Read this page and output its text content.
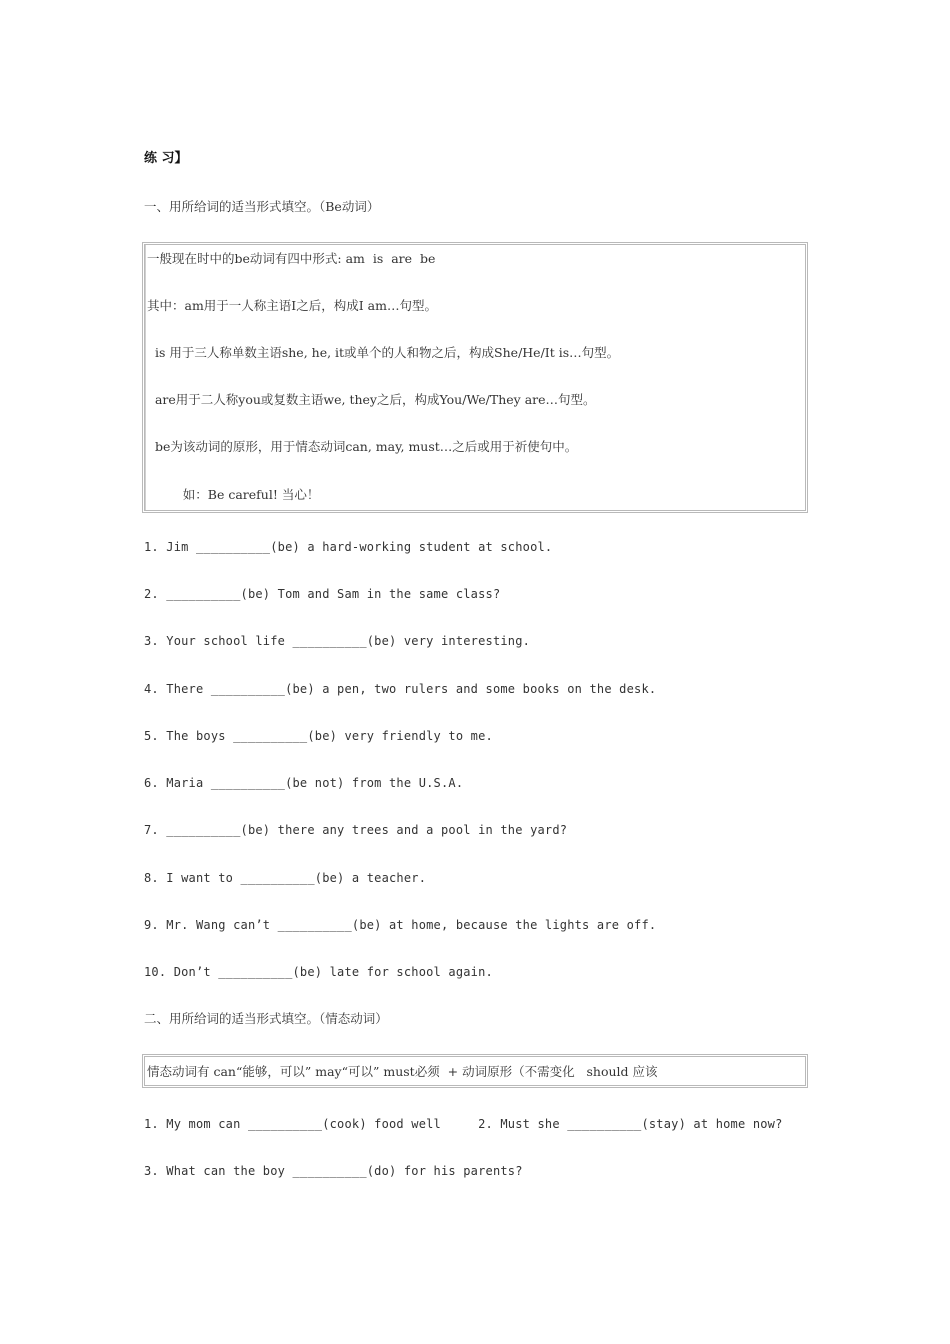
练 习】
一、用所给词的适当形式填空。（Be动词）
一般现在时中的be动词有四中形式: am  is  are  be
其中：am用于一人称主语I之后，构成I am…句型。
is 用于三人称单数主语she, he, it或单个的人和物之后，构成She/He/It is…句型。
are用于二人称you或复数主语we, they之后，构成You/We/They are…句型。
be为该动词的原形，用于情态动词can, may, must…之后或用于祈使句中。
如：Be careful! 当心！
1. Jim __________(be) a hard-working student at school.
2. __________(be) Tom and Sam in the same class?
3. Your school life __________(be) very interesting.
4. There __________(be) a pen, two rulers and some books on the desk.
5. The boys __________(be) very friendly to me.
6. Maria __________(be not) from the U.S.A.
7. __________(be) there any trees and a pool in the yard?
8. I want to __________(be) a teacher.
9. Mr. Wang can’t __________(be) at home, because the lights are off.
10. Don’t __________(be) late for school again.
二、用所给词的适当形式填空。（情态动词）
情态动词有 can“能够，可以” may“可以” must必须  + 动词原形（不需变化   should 应该
1. My mom can __________(cook) food well     2. Must she __________(stay) at home now?
3. What can the boy __________(do) for his parents?
